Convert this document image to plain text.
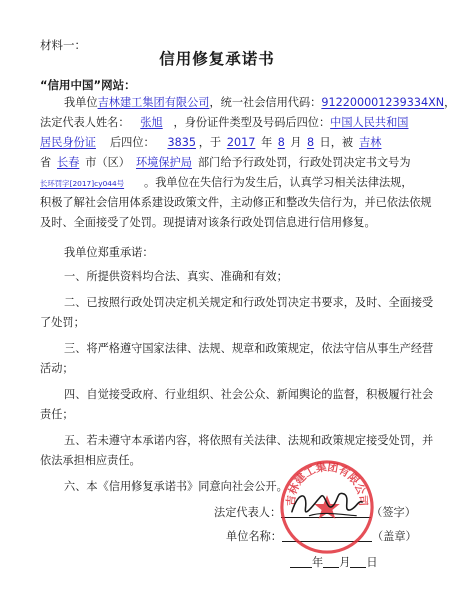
材料一：
信用修复承诺书
“信用中国”网站：
我单位吉林建工集团有限公司，统一社会信用代码：912200001239334XN，
法定代表人姓名： 张旭 ，身份证件类型及号码后四位：中国人民共和国
居民身份证 后四位： 3835 ，于 2017 年 8 月 8 日，被 吉林
省 长春 市（区） 环境保护局 部门给予行政处罚，行政处罚决定书文号为
长环罚字[2017]cy044号 。我单位在失信行为发生后，认真学习相关法律法规，
积极了解社会信用体系建设政策文件，主动修正和整改失信行为，并已依法依规
及时、全面接受了处罚。现提请对该条行政处罚信息进行信用修复。
我单位郑重承诺：
一、所提供资料均合法、真实、准确和有效；
二、已按照行政处罚决定机关规定和行政处罚决定书要求，及时、全面接受
了处罚；
三、将严格遵守国家法律、法规、规章和政策规定，依法守信从事生产经营
活动；
四、自觉接受政府、行业组织、社会公众、新闻舆论的监督，积极履行社会
责任；
五、若未遵守本承诺内容，将依照有关法律、法规和政策规定接受处罚，并
依法承担相应责任。
六、本《信用修复承诺书》同意向社会公开。
法定代表人：	（签字）
单位名称：	（盖章）
年 月 日
吉林建工集团有限公司
